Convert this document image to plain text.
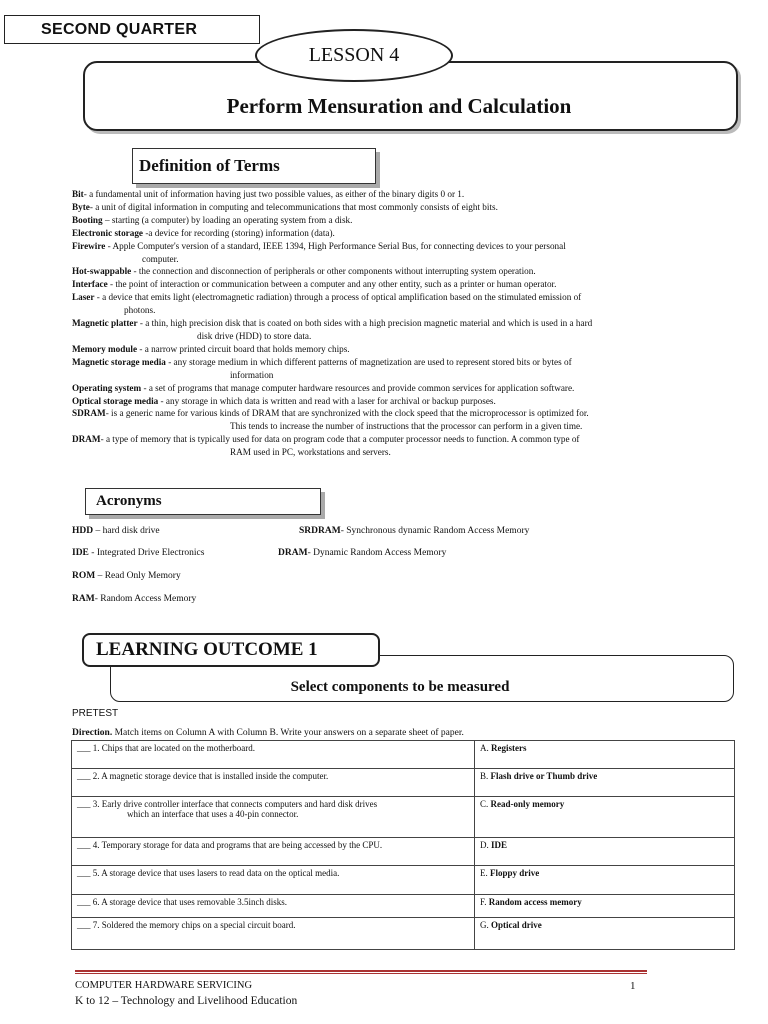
SECOND QUARTER
LESSON 4
Perform Mensuration and Calculation
Definition of Terms

Bit- a fundamental unit of information having just two possible values, as either of the binary digits 0 or 1.

Byte- a unit of digital information in computing and telecommunications that most commonly consists of eight bits.

Booting – starting (a computer) by loading an operating system from a disk.

Electronic storage -a device for recording (storing) information (data).

Firewire - Apple Computer's version of a standard, IEEE 1394, High Performance Serial Bus, for connecting devices to your personal

computer.

Hot-swappable - the connection and disconnection of peripherals or other components without interrupting system operation.

Interface - the point of interaction or communication between a computer and any other entity, such as a printer or human operator.

Laser - a device that emits light (electromagnetic radiation) through a process of optical amplification based on the stimulated emission of

photons.

Magnetic platter - a thin, high precision disk that is coated on both sides with a high precision magnetic material and which is used in a hard

disk drive (HDD) to store data.

Memory module - a narrow printed circuit board that holds memory chips.

Magnetic storage media - any storage medium in which different patterns of magnetization are used to represent stored bits or bytes of

information

Operating system - a set of programs that manage computer hardware resources and provide common services for application software.

Optical storage media - any storage in which data is written and read with a laser for archival or backup purposes.

SDRAM- is a generic name for various kinds of DRAM that are synchronized with the clock speed that the microprocessor is optimized for.

This tends to increase the number of instructions that the processor can perform in a given time.

DRAM- a type of memory that is typically used for data on program code that a computer processor needs to function. A common type of

RAM used in PC, workstations and servers.

Acronyms
HDD – hard disk drive	SRDRAM- Synchronous dynamic Random Access Memory
IDE - Integrated Drive Electronics	DRAM- Dynamic Random Access Memory
ROM – Read Only Memory
RAM- Random Access Memory
LEARNING OUTCOME 1
Select components to be measured
PRETEST
Direction. Match items on Column A with Column B. Write your answers on a separate sheet of paper.
___ 1. Chips that are located on the motherboard.	A. Registers
___ 2. A magnetic storage device that is installed inside the computer.	B. Flash drive or Thumb drive

___ 3. Early drive controller interface that connects computers and hard disk drives
which an interface that uses a 40-pin connector.	C. Read-only memory
___ 4. Temporary storage for data and programs that are being accessed by the CPU.	D. IDE
___ 5. A storage device that uses lasers to read data on the optical media.	E. Floppy drive
___ 6. A storage device that uses removable 3.5inch disks.	F. Random access memory
___ 7. Soldered the memory chips on a special circuit board.	G. Optical drive
COMPUTER HARDWARE SERVICING
K to 12 – Technology and Livelihood Education
1
